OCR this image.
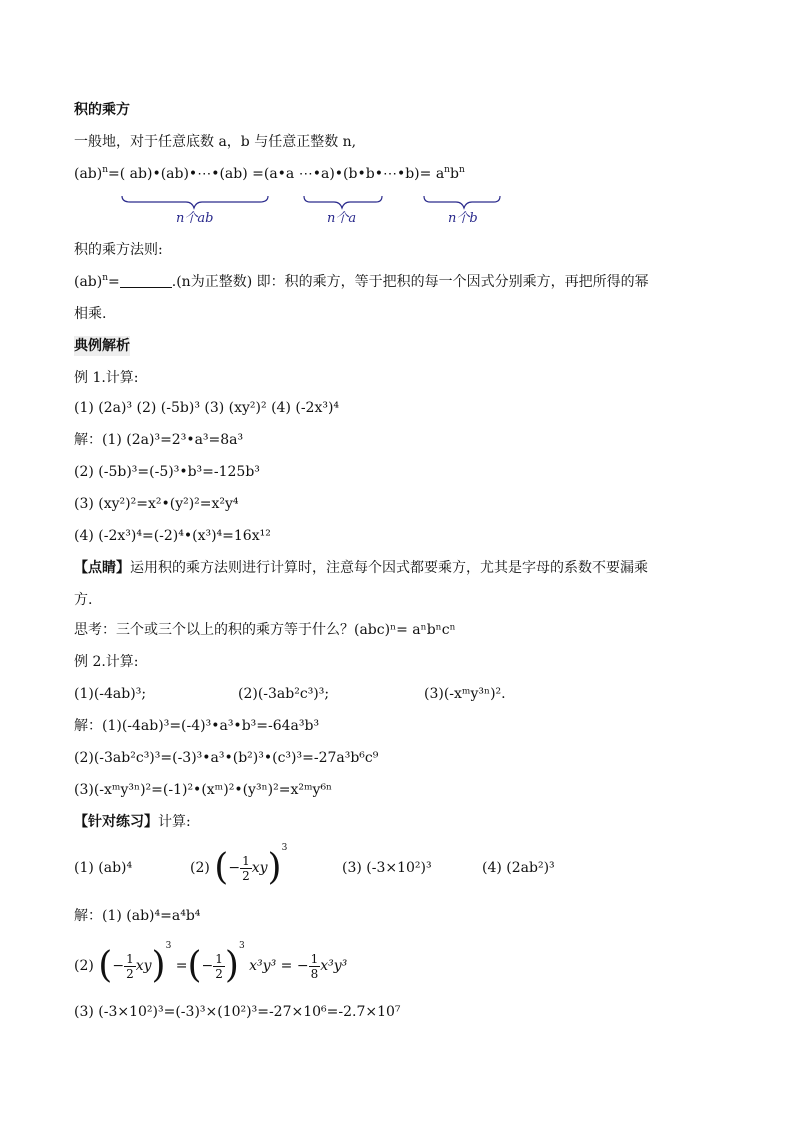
积的乘方
一般地，对于任意底数 a，b 与任意正整数 n,
(ab)$^n$=( ab)•(ab)•⋯•(ab) =(a•a ⋯•a)•(b•b•⋯•b)= $a^nb^n$
n个ab	n个a	n个b
积的乘方法则:
(ab)$^n$=	.(n为正整数) 即：积的乘方，等于把积的每一个因式分别乘方，再把所得的幂
相乘.
典例解析
例 1.计算:
(1) (2a)³ (2) (-5b)³ (3) (xy²)² (4) (-2x³)⁴
解：(1) (2a)³=2³•a³=8a³
(2) (-5b)³=(-5)³•b³=-125b³
(3) (xy²)²=x²•(y²)²=x²y⁴
(4) (-2x³)⁴=(-2)⁴•(x³)⁴=16x¹²
【点睛】运用积的乘方法则进行计算时，注意每个因式都要乘方，尤其是字母的系数不要漏乘
方.
思考：三个或三个以上的积的乘方等于什么？(abc)ⁿ= aⁿbⁿcⁿ
例 2.计算:
(1)(-4ab)³;	(2)(-3ab²c³)³;	(3)(-xᵐy³ⁿ)².
解：(1)(-4ab)³=(-4)³•a³•b³=-64a³b³
(2)(-3ab²c³)³=(-3)³•a³•(b²)³•(c³)³=-27a³b⁶c⁹
(3)(-xᵐy³ⁿ)²=(-1)²•(xᵐ)²•(y³ⁿ)²=x²ᵐy⁶ⁿ
【针对练习】计算:
(1) (ab)⁴	(2) (− $\frac{1}{2} xy)^3$
(3) (-3×10²)³	(4) (2ab²)³
解：(1) (ab)⁴=a⁴b⁴
(2) (− $\frac{1}{2} xy)^3$ =(− $\frac{1}{2} )^3$ x³y³ = − $\frac{1}{8} x^3y^3$
(3) (-3×10²)³=(-3)³×(10²)³=-27×10⁶=-2.7×10⁷
